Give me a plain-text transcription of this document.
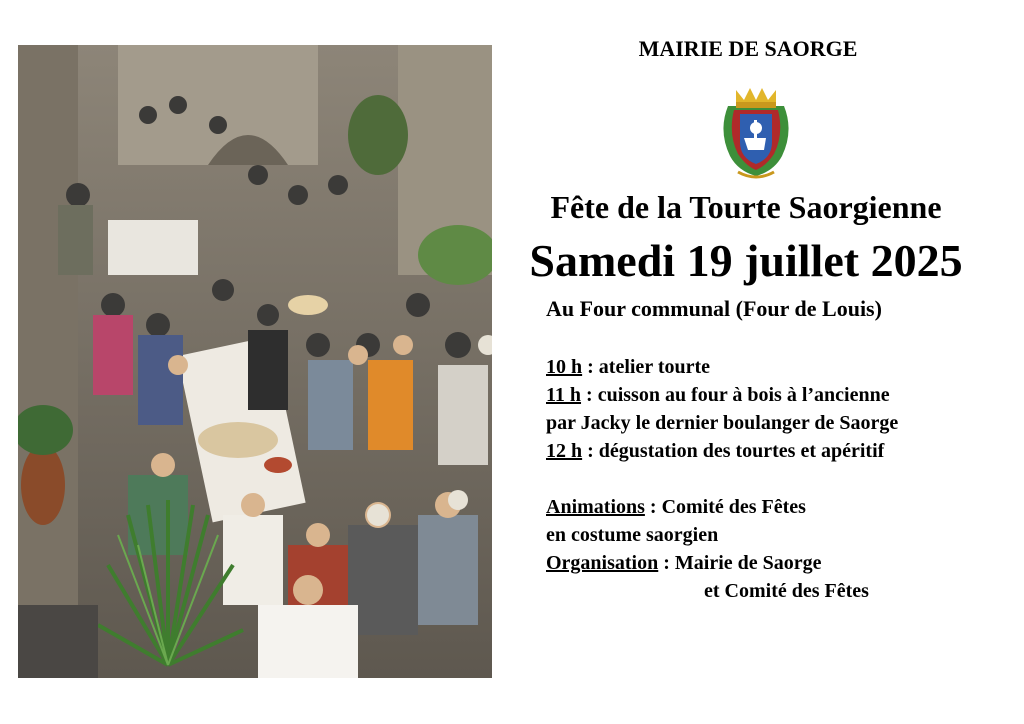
MAIRIE DE SAORGE
Fête de la Tourte Saorgienne
Samedi 19 juillet 2025
Au Four communal (Four de Louis)
10 h : atelier tourte
11 h : cuisson au four à bois à l’ancienne
par Jacky le dernier boulanger de Saorge
12 h : dégustation des tourtes et apéritif
Animations : Comité des Fêtes
en costume saorgien
Organisation : Mairie de Saorge
et Comité des Fêtes
